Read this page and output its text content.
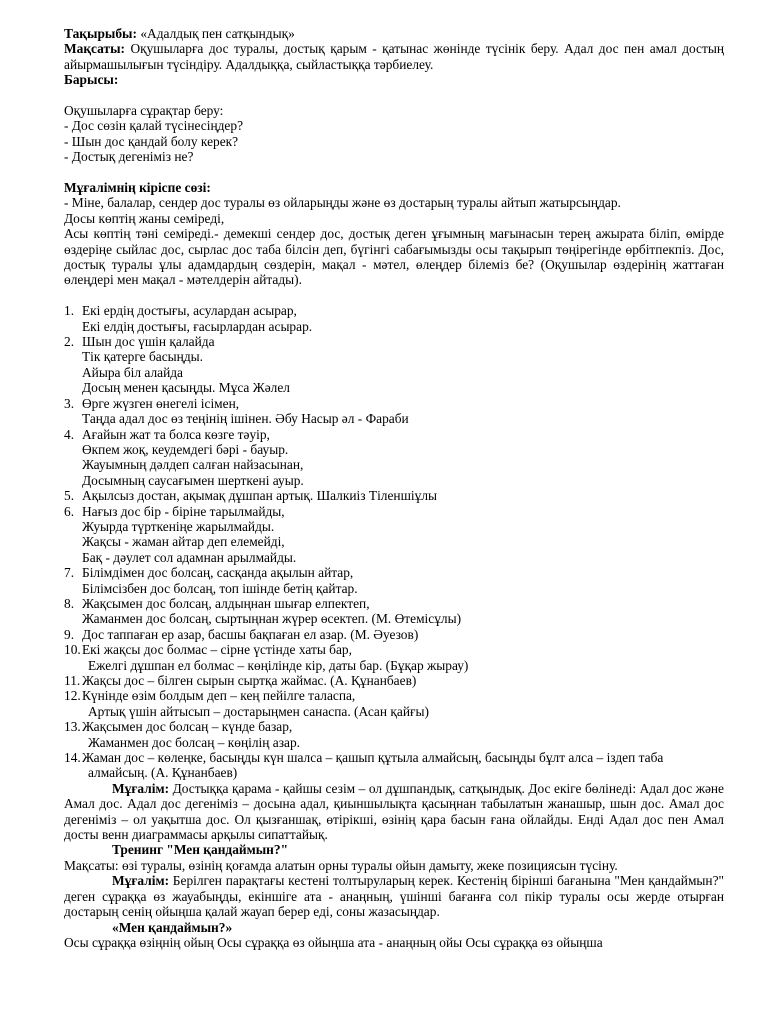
Тақырыбы: «Адалдық пен сатқындық»

Мақсаты: Оқушыларға дос туралы, достық қарым - қатынас жөнінде түсінік беру. Адал дос пен амал достың айырмашылығын түсіндіру. Адалдыққа, сыйластыққа тәрбиелеу.

Барысы:

Оқушыларға сұрақтар беру:

- Дос сөзін қалай түсінесіңдер?

- Шын дос қандай болу керек?

- Достық дегеніміз не?

Мұғалімнің кіріспе сөзі:

- Міне, балалар, сендер дос туралы өз ойларыңды және өз достарың туралы айтып жатырсыңдар.

Досы көптің жаны семіреді,

Асы көптің тәні семіреді.- демекші сендер дос, достық деген ұғымның мағынасын терең ажырата біліп, өмірде өздеріңе сыйлас дос, сырлас дос таба білсін деп, бүгінгі сабағымызды осы тақырып төңірегінде өрбітпекпіз. Дос, достық туралы ұлы адамдардың сөздерін, мақал - мәтел, өлеңдер білеміз бе? (Оқушылар өздерінің жаттаған өлеңдері мен мақал - мәтелдерін айтады).

1. Екі ердің достығы, асулардан асырар,
Екі елдің достығы, ғасырлардан асырар.
2. Шын дос үшін қалайда
Тік қатерге басыңды.
Айыра біл алайда
Досың менен қасыңды. Мұса Жәлел
3. Өрге жүзген өнегелі ісімен,
Таңда адал дос өз теңінің ішінен. Әбу Насыр әл - Фараби
4. Ағайын жат та болса көзге тәуір,
Өкпем жоқ, кеудемдегі бәрі - бауыр.
Жауымның дәлдеп салған найзасынан,
Досымның саусағымен шерткені ауыр.
5. Ақылсыз достан, ақымақ дұшпан артық. Шалкиіз Тіленшіұлы
6. Нағыз дос бір - біріне тарылмайды,
Жуырда түрткеніңе жарылмайды.
Жақсы - жаман айтар деп елемейді,
Бақ - дәулет сол адамнан арылмайды.
7. Білімдімен дос болсаң, сасқанда ақылын айтар,
Білімсізбен дос болсаң, топ ішінде бетің қайтар.
8. Жақсымен дос болсаң, алдыңнан шығар елпектеп,
Жаманмен дос болсаң, сыртыңнан жүрер өсектеп. (М. Өтемісұлы)
9. Дос таппаған ер азар, басшы бақпаған ел азар. (М. Әуезов)
10. Екі жақсы дос болмас – сірне үстінде хаты бар,
Ежелгі дұшпан ел болмас – көңілінде кір, даты бар. (Бұқар жырау)
11. Жақсы дос – білген сырын сыртқа жаймас. (А. Құнанбаев)
12. Күнінде өзім болдым деп – кең пейілге таласпа,
Артық үшін айтысып – достарыңмен санаспа. (Асан қайғы)
13. Жақсымен дос болсаң – күнде базар,
Жаманмен дос болсаң – көңілің азар.
14. Жаман дос – көлеңке, басыңды күн шалса – қашып құтыла алмайсың, басыңды бұлт алса – іздеп таба
алмайсың. (А. Құнанбаев)

Мұғалім: Достыққа қарама - қайшы сезім – ол дұшпандық, сатқындық. Дос екіге бөлінеді: Адал дос және Амал дос. Адал дос дегеніміз – досына адал, қиыншылықта қасыңнан табылатын жанашыр, шын дос. Амал дос дегеніміз – ол уақытша дос. Ол қызғаншақ, өтірікші, өзінің қара басын ғана ойлайды. Енді Адал дос пен Амал досты венн диаграммасы арқылы сипаттайық.

Тренинг "Мен қандаймын?"

Мақсаты: өзі туралы, өзінің қоғамда алатын орны туралы ойын дамыту, жеке позициясын түсіну.

Мұғалім: Берілген парақтағы кестені толтыруларың керек. Кестенің бірінші бағанына "Мен қандаймын?" деген сұраққа өз жауабыңды, екіншіге ата - анаңның, үшінші бағанға сол пікір туралы осы жерде отырған достарың сенің ойыңша қалай жауап берер еді, соны жазасыңдар.

«Мен қандаймын?»

Осы сұраққа өзіңнің ойың Осы сұраққа өз ойыңша ата - анаңның ойы Осы сұраққа өз ойыңша
